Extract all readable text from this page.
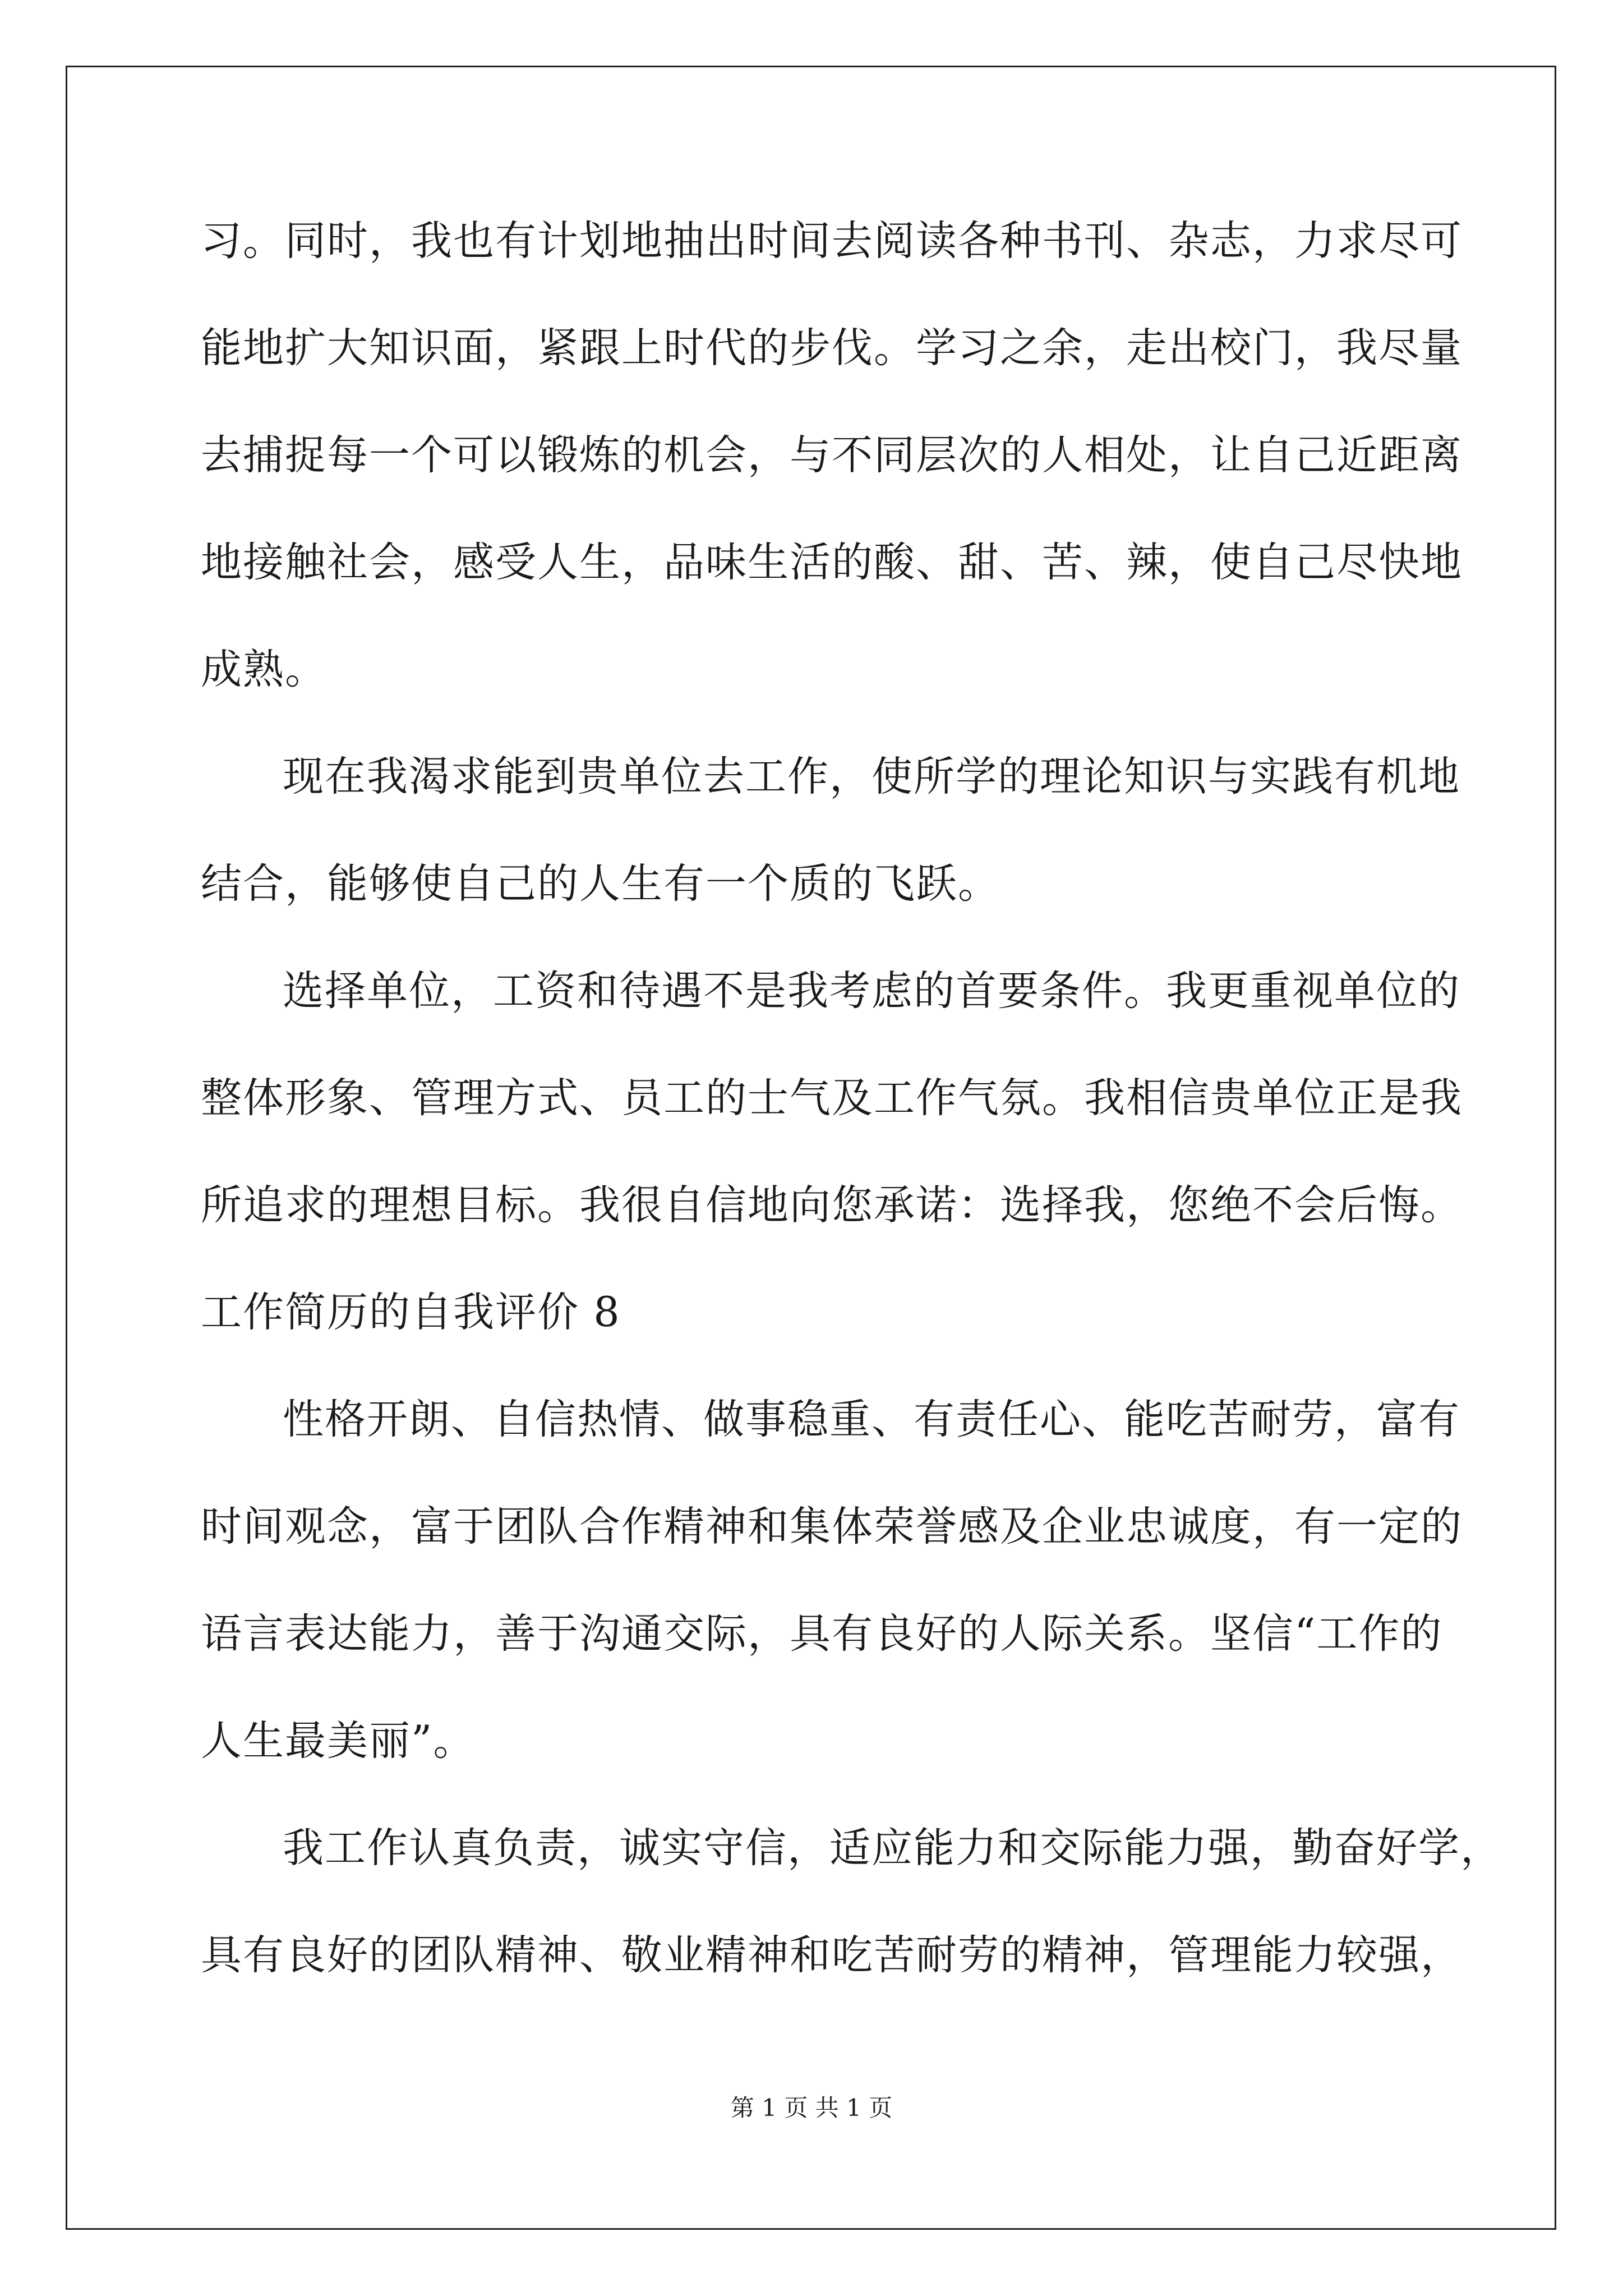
习。同时，我也有计划地抽出时间去阅读各种书刊、杂志，力求尽可
能地扩大知识面，紧跟上时代的步伐。学习之余，走出校门，我尽量
去捕捉每一个可以锻炼的机会，与不同层次的人相处，让自己近距离
地接触社会，感受人生，品味生活的酸、甜、苦、辣，使自己尽快地
成熟。
现在我渴求能到贵单位去工作，使所学的理论知识与实践有机地
结合，能够使自己的人生有一个质的飞跃。
选择单位，工资和待遇不是我考虑的首要条件。我更重视单位的
整体形象、管理方式、员工的士气及工作气氛。我相信贵单位正是我
所追求的理想目标。我很自信地向您承诺：选择我，您绝不会后悔。
工作简历的自我评价 8
性格开朗、自信热情、做事稳重、有责任心、能吃苦耐劳，富有
时间观念，富于团队合作精神和集体荣誉感及企业忠诚度，有一定的
语言表达能力，善于沟通交际，具有良好的人际关系。坚信“工作的
人生最美丽”。
我工作认真负责，诚实守信，适应能力和交际能力强，勤奋好学，
具有良好的团队精神、敬业精神和吃苦耐劳的精神，管理能力较强，
第 1 页 共 1 页
